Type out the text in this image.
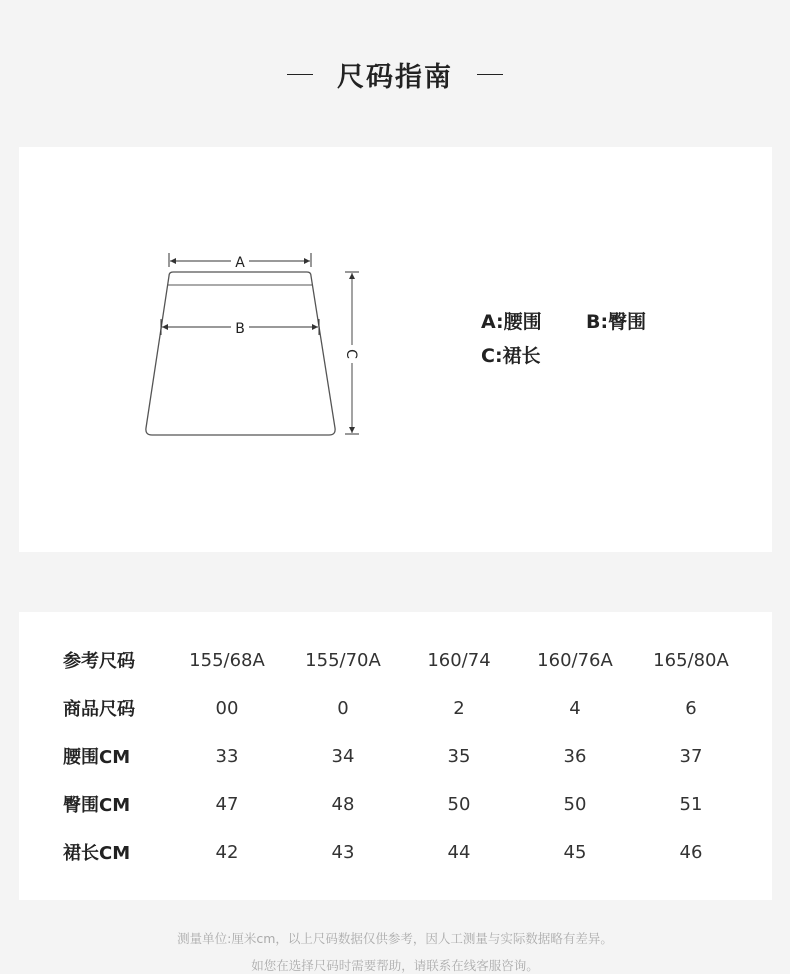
尺码指南
A
B
C
A:腰围	B:臀围
C:裙长
参考尺码	155/68A	155/70A	160/74	160/76A	165/80A
商品尺码	00	0	2	4	6
腰围CM	33	34	35	36	37
臀围CM	47	48	50	50	51
裙长CM	42	43	44	45	46
测量单位:厘米cm，以上尺码数据仅供参考，因人工测量与实际数据略有差异。
如您在选择尺码时需要帮助，请联系在线客服咨询。
